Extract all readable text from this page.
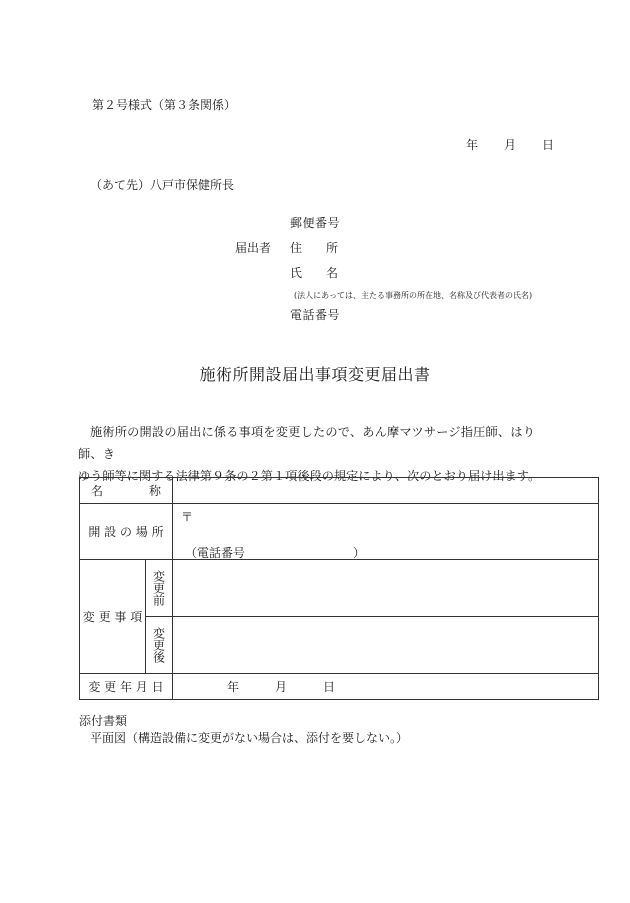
第２号様式（第３条関係）
年 月 日
（あて先）八戸市保健所長
届出者
郵便番号
住 所
氏 名
(法人にあっては、主たる事務所の所在地、名称及び代表者の氏名)
電話番号
施術所開設届出事項変更届出書

施術所の開設の届出に係る事項を変更したので、あん摩マツサージ指圧師、はり師、き

ゆう師等に関する法律第９条の２第１項後段の規定により、次のとおり届け出ます。

名 称		
開 設 の 場 所		〒
（電話番号 ）

変 更 事 項	変更前	

	変更後	

変 更 年 月 日		年 月 日
添付書類
平面図（構造設備に変更がない場合は、添付を要しない。）
